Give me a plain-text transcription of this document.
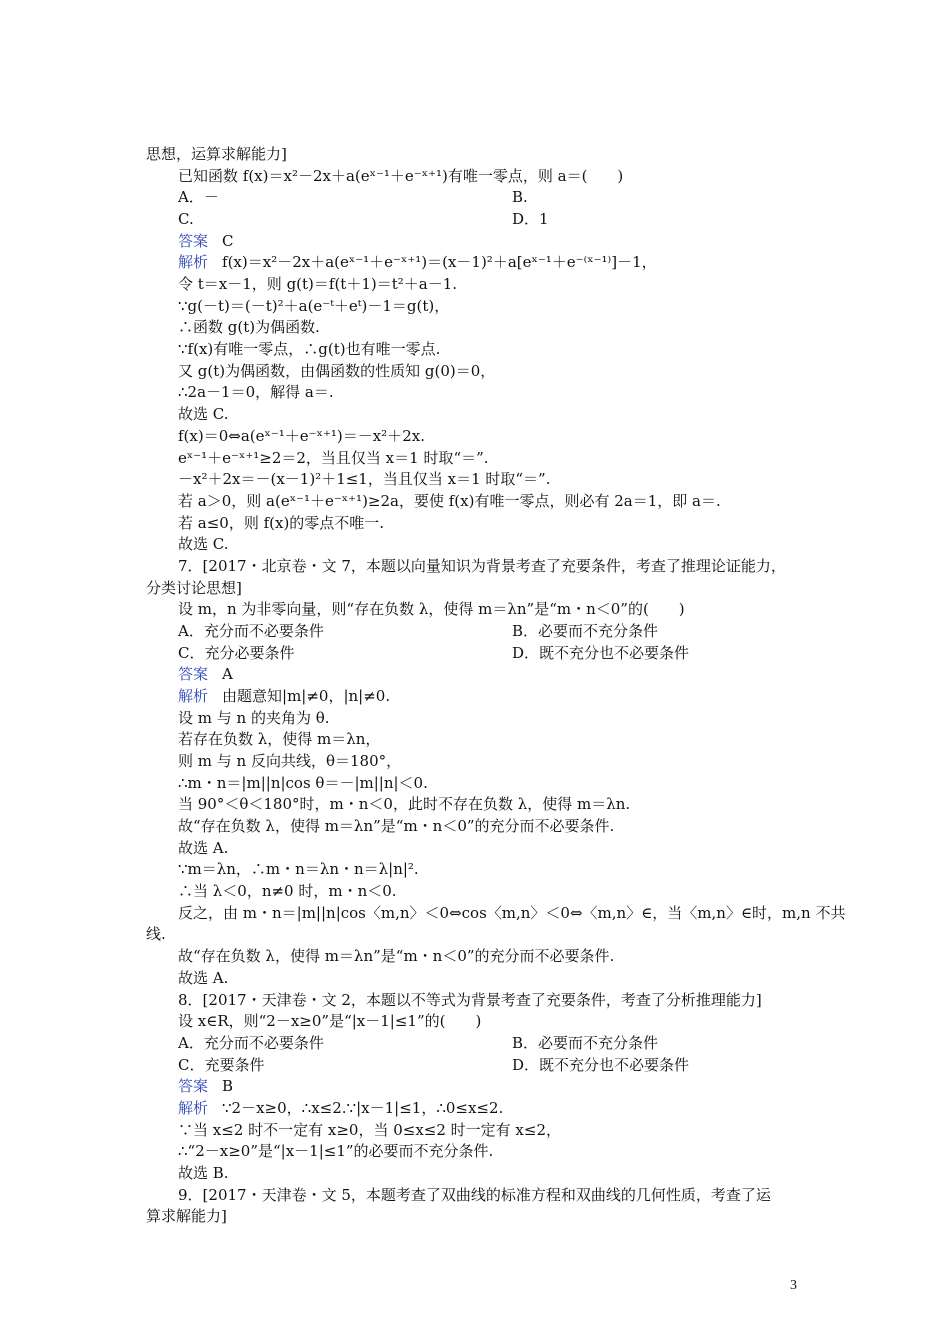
思想，运算求解能力]
已知函数 f(x)＝x²－2x＋a(eˣ⁻¹＋e⁻ˣ⁺¹)有唯一零点，则 a＝(　　)
A．－	B.
C.	D．1
答案 C
解析 f(x)＝x²－2x＋a(eˣ⁻¹＋e⁻ˣ⁺¹)＝(x－1)²＋a[eˣ⁻¹＋e⁻⁽ˣ⁻¹⁾]－1，
令 t＝x－1，则 g(t)＝f(t＋1)＝t²＋a－1.
∵g(－t)＝(－t)²＋a(e⁻ᵗ＋eᵗ)－1＝g(t)，
∴函数 g(t)为偶函数.
∵f(x)有唯一零点，∴g(t)也有唯一零点.
又 g(t)为偶函数，由偶函数的性质知 g(0)＝0，
∴2a－1＝0，解得 a＝.
故选 C.
f(x)＝0⇔a(eˣ⁻¹＋e⁻ˣ⁺¹)＝－x²＋2x.
eˣ⁻¹＋e⁻ˣ⁺¹≥2＝2，当且仅当 x＝1 时取“＝”.
－x²＋2x＝－(x－1)²＋1≤1，当且仅当 x＝1 时取“＝”.
若 a＞0，则 a(eˣ⁻¹＋e⁻ˣ⁺¹)≥2a，要使 f(x)有唯一零点，则必有 2a＝1，即 a＝.
若 a≤0，则 f(x)的零点不唯一.
故选 C.
7．[2017・北京卷・文 7，本题以向量知识为背景考查了充要条件，考查了推理论证能力，
分类讨论思想]
设 m，n 为非零向量，则“存在负数 λ，使得 m＝λn”是“m・n＜0”的(　　)
A．充分而不必要条件	B．必要而不充分条件
C．充分必要条件	D．既不充分也不必要条件
答案 A
解析 由题意知|m|≠0，|n|≠0.
设 m 与 n 的夹角为 θ.
若存在负数 λ，使得 m＝λn，
则 m 与 n 反向共线，θ＝180°，
∴m・n＝|m||n|cos θ＝－|m||n|＜0.
当 90°＜θ＜180°时，m・n＜0，此时不存在负数 λ，使得 m＝λn.
故“存在负数 λ，使得 m＝λn”是“m・n＜0”的充分而不必要条件.
故选 A.
∵m＝λn，∴m・n＝λn・n＝λ|n|².
∴当 λ＜0，n≠0 时，m・n＜0.
反之，由 m・n＝|m||n|cos〈m,n〉＜0⇔cos〈m,n〉＜0⇔〈m,n〉∈，当〈m,n〉∈时，m,n 不共
线.
故“存在负数 λ，使得 m＝λn”是“m・n＜0”的充分而不必要条件.
故选 A.
8．[2017・天津卷・文 2，本题以不等式为背景考查了充要条件，考查了分析推理能力]
设 x∈R，则“2－x≥0”是“|x－1|≤1”的(　　)
A．充分而不必要条件	B．必要而不充分条件
C．充要条件	D．既不充分也不必要条件
答案 B
解析 ∵2－x≥0，∴x≤2.∵|x－1|≤1，∴0≤x≤2.
∵当 x≤2 时不一定有 x≥0，当 0≤x≤2 时一定有 x≤2，
∴“2－x≥0”是“|x－1|≤1”的必要而不充分条件.
故选 B.
9．[2017・天津卷・文 5，本题考查了双曲线的标准方程和双曲线的几何性质，考查了运
算求解能力]
3
